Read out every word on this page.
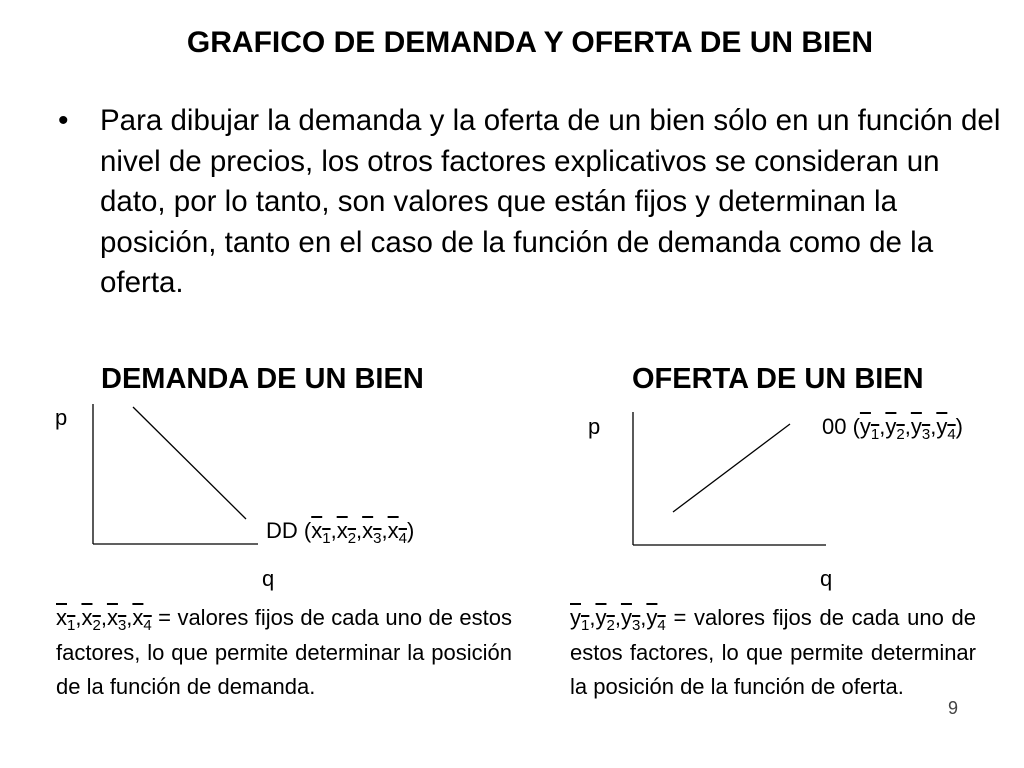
GRAFICO DE DEMANDA Y OFERTA DE UN BIEN
• Para dibujar la demanda y la oferta de un bien sólo en un función del nivel de precios, los otros factores explicativos se consideran un dato, por lo tanto, son valores que están fijos y determinan la posición, tanto en el caso de la función de demanda como de la oferta.
DEMANDA DE UN BIEN	OFERTA DE UN BIEN
p
q
DD $(x_1,x_2,x_3,x_4)$
p
q
00 $(y_1,y_2,y_3,y_4)$
$x_1,x_2,x_3,x_4$ = valores fijos de cada uno de estos factores, lo que permite determinar la posición de la función de demanda.
$y_1,y_2,y_3,y_4$ = valores fijos de cada uno de estos factores, lo que permite determinar la posición de la función de oferta.
9
